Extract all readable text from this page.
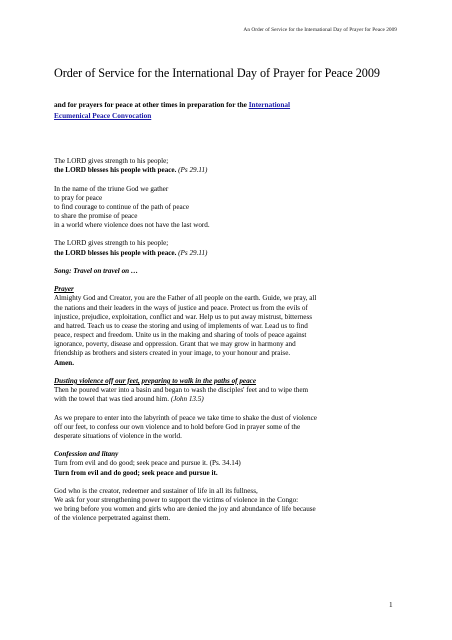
An Order of Service for the International Day of Prayer for Peace 2009
Order of Service for the International Day of Prayer for Peace 2009

and for prayers for peace at other times in preparation for the International
Ecumenical Peace Convocation

The LORD gives strength to his people;
the LORD blesses his people with peace. (Ps 29.11)

In the name of the triune God we gather
to pray for peace
to find courage to continue of the path of peace
to share the promise of peace
in a world where violence does not have the last word.

The LORD gives strength to his people;
the LORD blesses his people with peace. (Ps 29.11)

Song: Travel on travel on …

Prayer
Almighty God and Creator, you are the Father of all people on the earth. Guide, we pray, all
the nations and their leaders in the ways of justice and peace. Protect us from the evils of
injustice, prejudice, exploitation, conflict and war. Help us to put away mistrust, bitterness
and hatred. Teach us to cease the storing and using of implements of war. Lead us to find
peace, respect and freedom. Unite us in the making and sharing of tools of peace against
ignorance, poverty, disease and oppression. Grant that we may grow in harmony and
friendship as brothers and sisters created in your image, to your honour and praise.
Amen.

Dusting violence off our feet, preparing to walk in the paths of peace
Then he poured water into a basin and began to wash the disciples' feet and to wipe them
with the towel that was tied around him. (John 13.5)

As we prepare to enter into the labyrinth of peace we take time to shake the dust of violence
off our feet, to confess our own violence and to hold before God in prayer some of the
desperate situations of violence in the world.

Confession and litany
Turn from evil and do good; seek peace and pursue it. (Ps. 34.14)
Turn from evil and do good; seek peace and pursue it.

God who is the creator, redeemer and sustainer of life in all its fullness,
We ask for your strengthening power to support the victims of violence in the Congo:
we bring before you women and girls who are denied the joy and abundance of life because
of the violence perpetrated against them.

1
